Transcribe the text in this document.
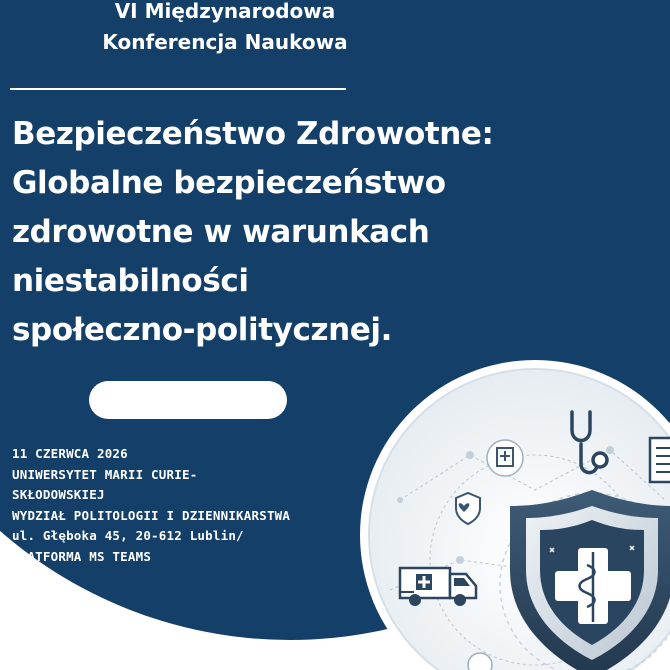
VI Międzynarodowa
Konferencja Naukowa
Bezpieczeństwo Zdrowotne:
Globalne bezpieczeństwo
zdrowotne w warunkach
niestabilności
społeczno-politycznej.
11 CZERWCA 2026
UNIWERSYTET MARII CURIE-
SKŁODOWSKIEJ
WYDZIAŁ POLITOLOGII I DZIENNIKARSTWA
ul. Głęboka 45, 20-612 Lublin/
PLATFORMA MS TEAMS
